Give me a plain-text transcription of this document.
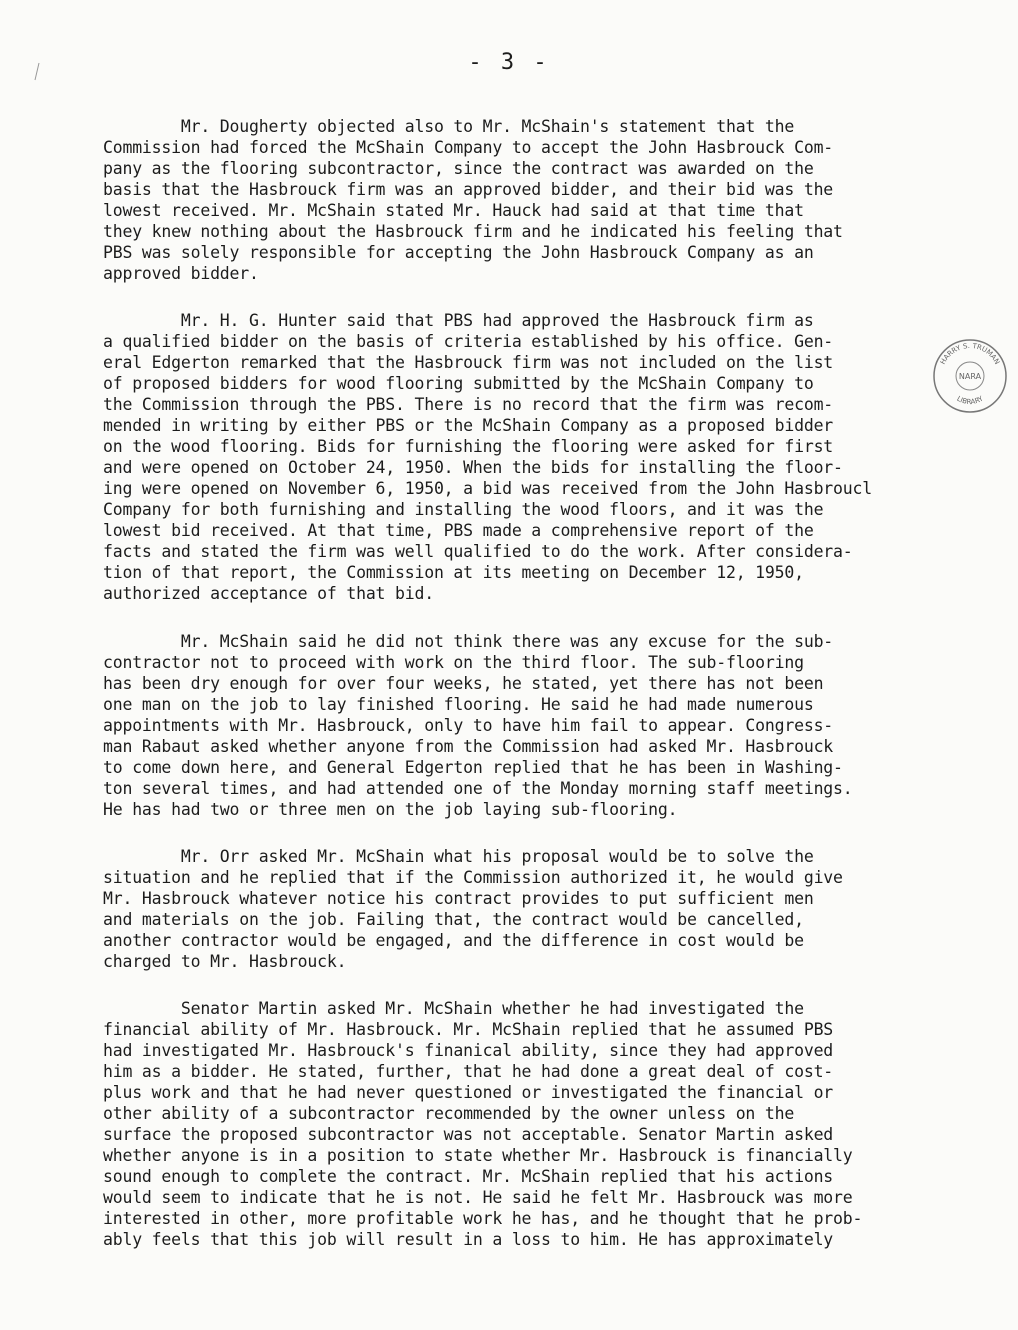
- 3 -
Mr. Dougherty objected also to Mr. McShain's statement that the
Commission had forced the McShain Company to accept the John Hasbrouck Com-
pany as the flooring subcontractor, since the contract was awarded on the
basis that the Hasbrouck firm was an approved bidder, and their bid was the
lowest received. Mr. McShain stated Mr. Hauck had said at that time that
they knew nothing about the Hasbrouck firm and he indicated his feeling that
PBS was solely responsible for accepting the John Hasbrouck Company as an
approved bidder.
Mr. H. G. Hunter said that PBS had approved the Hasbrouck firm as
a qualified bidder on the basis of criteria established by his office. Gen-
eral Edgerton remarked that the Hasbrouck firm was not included on the list
of proposed bidders for wood flooring submitted by the McShain Company to
the Commission through the PBS. There is no record that the firm was recom-
mended in writing by either PBS or the McShain Company as a proposed bidder
on the wood flooring. Bids for furnishing the flooring were asked for first
and were opened on October 24, 1950. When the bids for installing the floor-
ing were opened on November 6, 1950, a bid was received from the John Hasbroucl
Company for both furnishing and installing the wood floors, and it was the
lowest bid received. At that time, PBS made a comprehensive report of the
facts and stated the firm was well qualified to do the work. After considera-
tion of that report, the Commission at its meeting on December 12, 1950,
authorized acceptance of that bid.
Mr. McShain said he did not think there was any excuse for the sub-
contractor not to proceed with work on the third floor. The sub-flooring
has been dry enough for over four weeks, he stated, yet there has not been
one man on the job to lay finished flooring. He said he had made numerous
appointments with Mr. Hasbrouck, only to have him fail to appear. Congress-
man Rabaut asked whether anyone from the Commission had asked Mr. Hasbrouck
to come down here, and General Edgerton replied that he has been in Washing-
ton several times, and had attended one of the Monday morning staff meetings.
He has had two or three men on the job laying sub-flooring.
Mr. Orr asked Mr. McShain what his proposal would be to solve the
situation and he replied that if the Commission authorized it, he would give
Mr. Hasbrouck whatever notice his contract provides to put sufficient men
and materials on the job. Failing that, the contract would be cancelled,
another contractor would be engaged, and the difference in cost would be
charged to Mr. Hasbrouck.
Senator Martin asked Mr. McShain whether he had investigated the
financial ability of Mr. Hasbrouck. Mr. McShain replied that he assumed PBS
had investigated Mr. Hasbrouck's finanical ability, since they had approved
him as a bidder. He stated, further, that he had done a great deal of cost-
plus work and that he had never questioned or investigated the financial or
other ability of a subcontractor recommended by the owner unless on the
surface the proposed subcontractor was not acceptable. Senator Martin asked
whether anyone is in a position to state whether Mr. Hasbrouck is financially
sound enough to complete the contract. Mr. McShain replied that his actions
would seem to indicate that he is not. He said he felt Mr. Hasbrouck was more
interested in other, more profitable work he has, and he thought that he prob-
ably feels that this job will result in a loss to him. He has approximately
HARRY S. TRUMAN
LIBRARY
NARA
